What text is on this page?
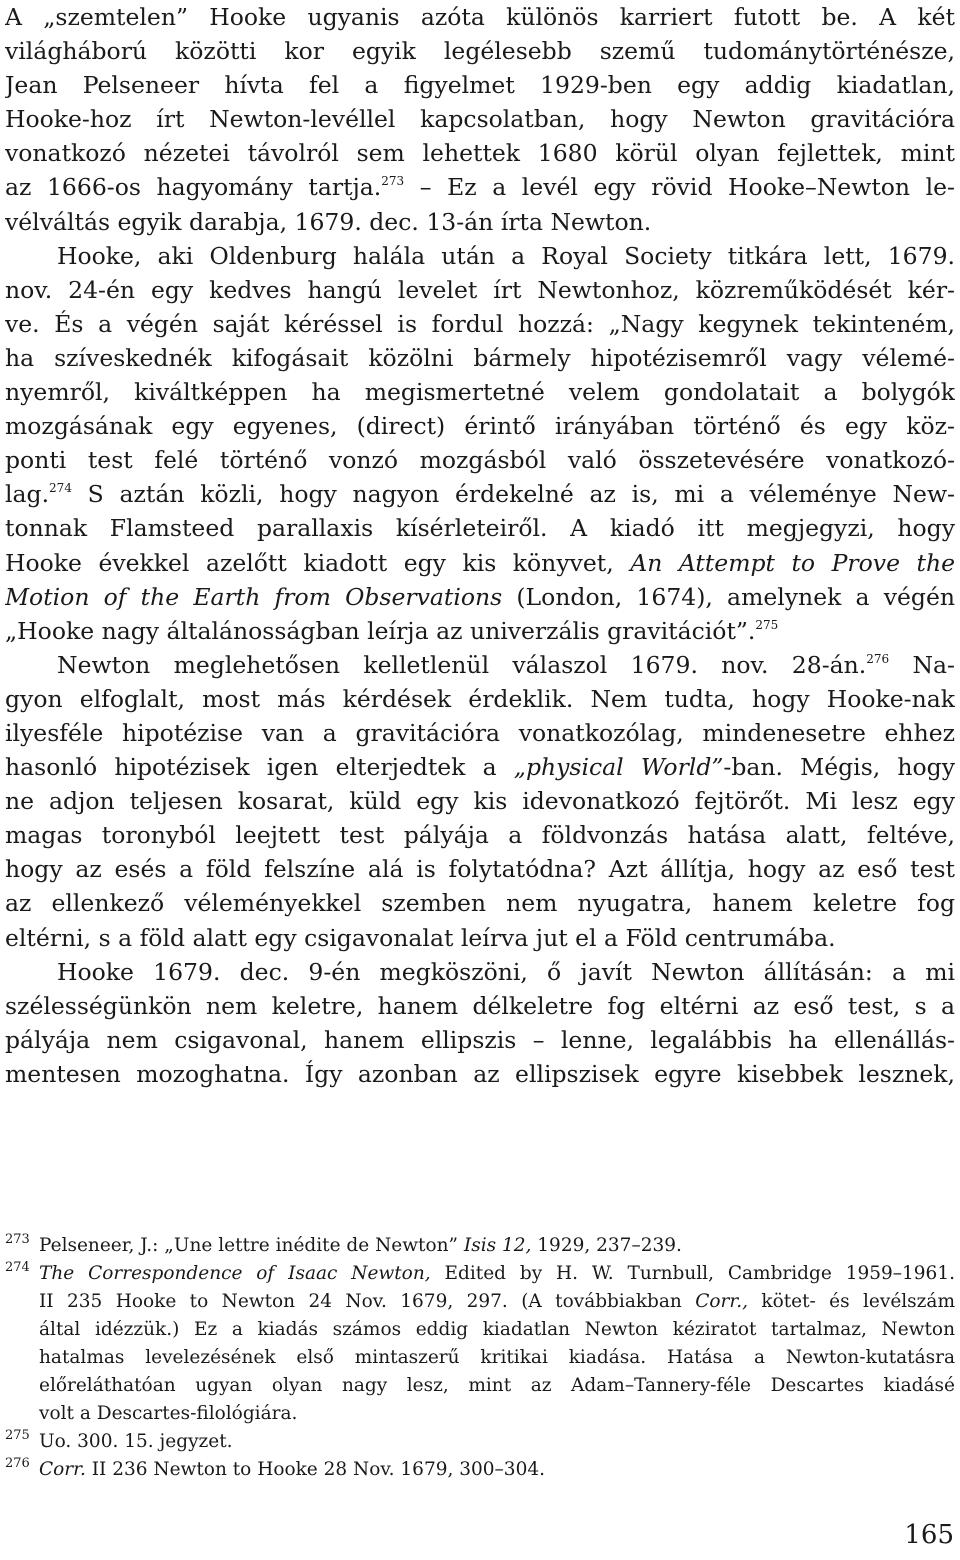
A „szemtelen” Hooke ugyanis azóta különös karriert futott be. A két
világháború közötti kor egyik legélesebb szemű tudománytörténésze,
Jean Pelseneer hívta fel a figyelmet 1929-ben egy addig kiadatlan,
Hooke-hoz írt Newton-levéllel kapcsolatban, hogy Newton gravitációra
vonatkozó nézetei távolról sem lehettek 1680 körül olyan fejlettek, mint
az 1666-os hagyomány tartja.$^{273}$ – Ez a levél egy rövid Hooke–Newton le-
vélváltás egyik darabja, 1679. dec. 13-án írta Newton.
Hooke, aki Oldenburg halála után a Royal Society titkára lett, 1679.
nov. 24-én egy kedves hangú levelet írt Newtonhoz, közreműködését kér-
ve. És a végén saját kéréssel is fordul hozzá: „Nagy kegynek tekinteném,
ha szíveskednék kifogásait közölni bármely hipotézisemről vagy vélemé-
nyemről, kiváltképpen ha megismertetné velem gondolatait a bolygók
mozgásának egy egyenes, (direct) érintő irányában történő és egy köz-
ponti test felé történő vonzó mozgásból való összetevésére vonatkozó-
lag.$^{274}$ S aztán közli, hogy nagyon érdekelné az is, mi a véleménye New-
tonnak Flamsteed parallaxis kísérleteiről. A kiadó itt megjegyzi, hogy
Hooke évekkel azelőtt kiadott egy kis könyvet, An Attempt to Prove the
Motion of the Earth from Observations (London, 1674), amelynek a végén
„Hooke nagy általánosságban leírja az univerzális gravitációt”.$^{275}$
Newton meglehetősen kelletlenül válaszol 1679. nov. 28-án.$^{276}$ Na-
gyon elfoglalt, most más kérdések érdeklik. Nem tudta, hogy Hooke-nak
ilyesféle hipotézise van a gravitációra vonatkozólag, mindenesetre ehhez
hasonló hipotézisek igen elterjedtek a „physical World”-ban. Mégis, hogy
ne adjon teljesen kosarat, küld egy kis idevonatkozó fejtörőt. Mi lesz egy
magas toronyból leejtett test pályája a földvonzás hatása alatt, feltéve,
hogy az esés a föld felszíne alá is folytatódna? Azt állítja, hogy az eső test
az ellenkező véleményekkel szemben nem nyugatra, hanem keletre fog
eltérni, s a föld alatt egy csigavonalat leírva jut el a Föld centrumába.
Hooke 1679. dec. 9-én megköszöni, ő javít Newton állításán: a mi
szélességünkön nem keletre, hanem délkeletre fog eltérni az eső test, s a
pályája nem csigavonal, hanem ellipszis – lenne, legalábbis ha ellenállás-
mentesen mozoghatna. Így azonban az ellipszisek egyre kisebbek lesznek,
273 Pelseneer, J.: „Une lettre inédite de Newton” Isis 12, 1929, 237–239.
274 The Correspondence of Isaac Newton, Edited by H. W. Turnbull, Cambridge 1959–1961.
II 235 Hooke to Newton 24 Nov. 1679, 297. (A továbbiakban Corr., kötet- és levélszám
által idézzük.) Ez a kiadás számos eddig kiadatlan Newton kéziratot tartalmaz, Newton
hatalmas levelezésének első mintaszerű kritikai kiadása. Hatása a Newton-kutatásra
előreláthatóan ugyan olyan nagy lesz, mint az Adam–Tannery-féle Descartes kiadásé
volt a Descartes-filológiára.
275 Uo. 300. 15. jegyzet.
276 Corr. II 236 Newton to Hooke 28 Nov. 1679, 300–304.
165
